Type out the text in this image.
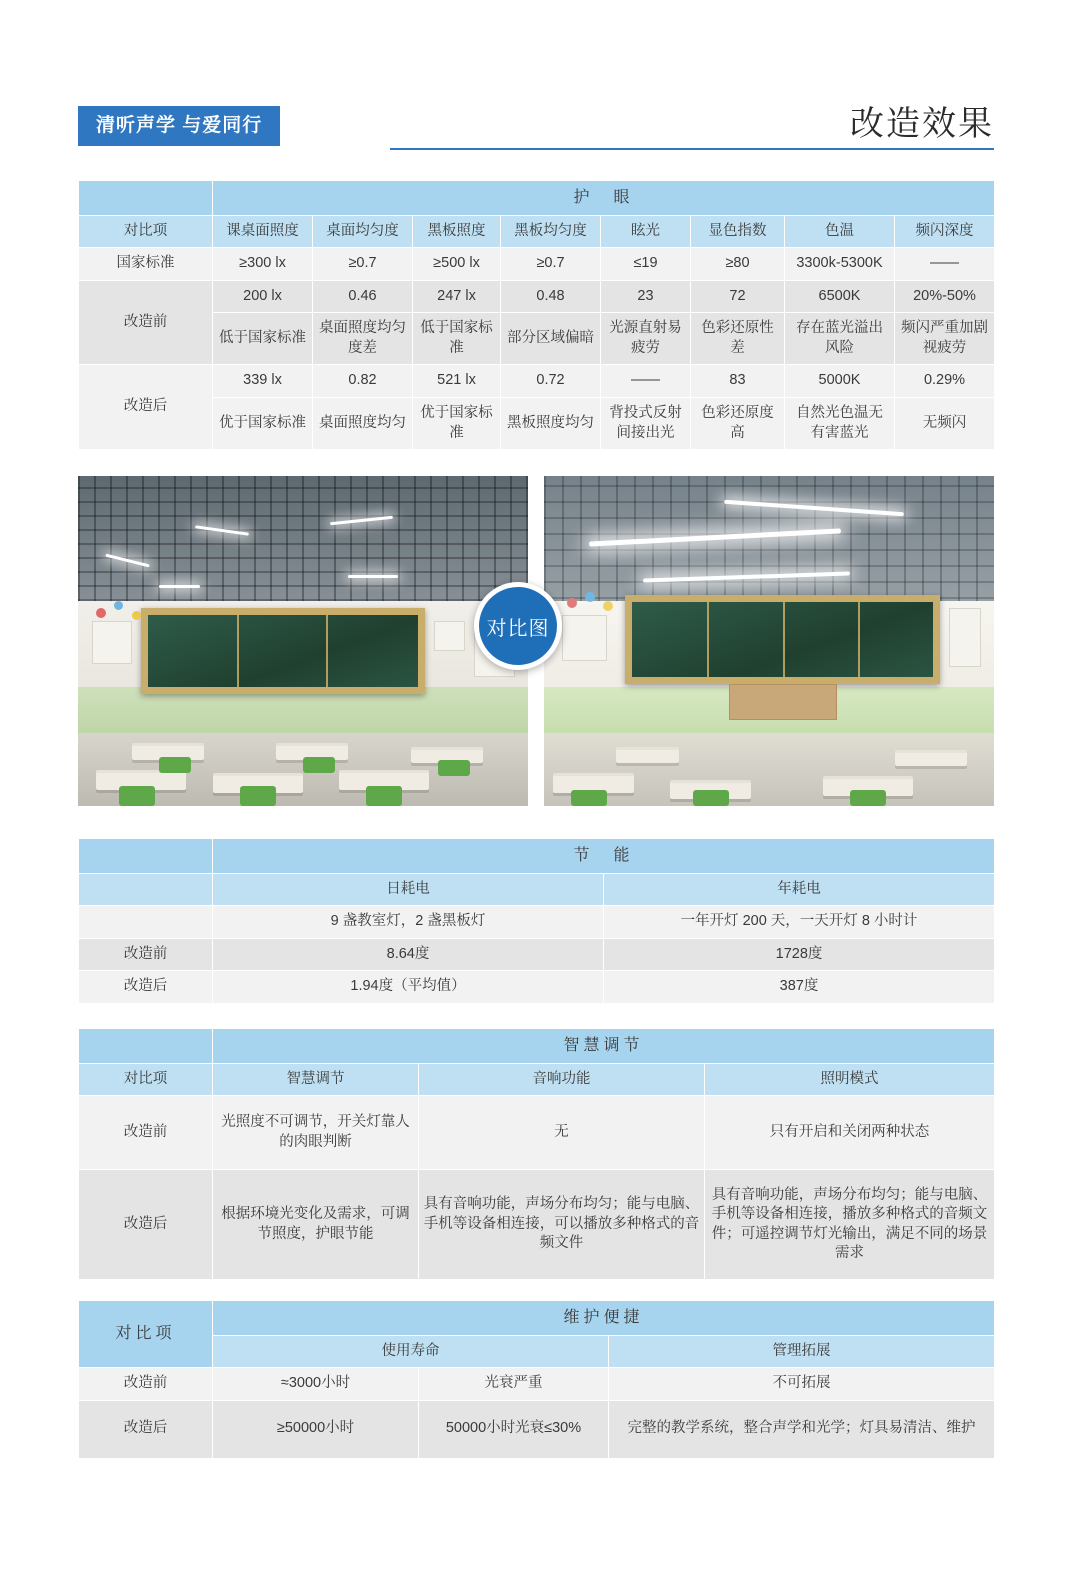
清听声学 与爱同行	改造效果
	护　眼							
对比项	课桌面照度	桌面均匀度	黑板照度	黑板均匀度	眩光	显色指数	色温	频闪深度
国家标准	≥300 lx	≥0.7	≥500 lx	≥0.7	≤19	≥80	3300k-5300K	——
改造前	200 lx	0.46	247 lx	0.48	23	72	6500K	20%-50%
	低于国家标准	桌面照度均匀度差	低于国家标准	部分区域偏暗	光源直射易疲劳	色彩还原性差	存在蓝光溢出风险	频闪严重加剧视疲劳
改造后	339 lx	0.82	521 lx	0.72	——	83	5000K	0.29%
	优于国家标准	桌面照度均匀	优于国家标准	黑板照度均匀	背投式反射间接出光	色彩还原度高	自然光色温无有害蓝光	无频闪
对比图
	节　能	
	日耗电	年耗电
	9 盏教室灯，2 盏黑板灯	一年开灯 200 天，一天开灯 8 小时计
改造前	8.64度	1728度
改造后	1.94度（平均值）	387度
	智慧调节		
对比项	智慧调节	音响功能	照明模式
改造前	光照度不可调节，开关灯靠人的肉眼判断	无	只有开启和关闭两种状态
改造后	根据环境光变化及需求，可调节照度，护眼节能	具有音响功能，声场分布均匀；能与电脑、手机等设备相连接，可以播放多种格式的音频文件	具有音响功能，声场分布均匀；能与电脑、手机等设备相连接，播放多种格式的音频文件；可遥控调节灯光输出，满足不同的场景需求
对比项	维护便捷		
	使用寿命		管理拓展
改造前	≈3000小时	光衰严重	不可拓展
改造后	≥50000小时	50000小时光衰≤30%	完整的教学系统，整合声学和光学；灯具易清洁、维护
